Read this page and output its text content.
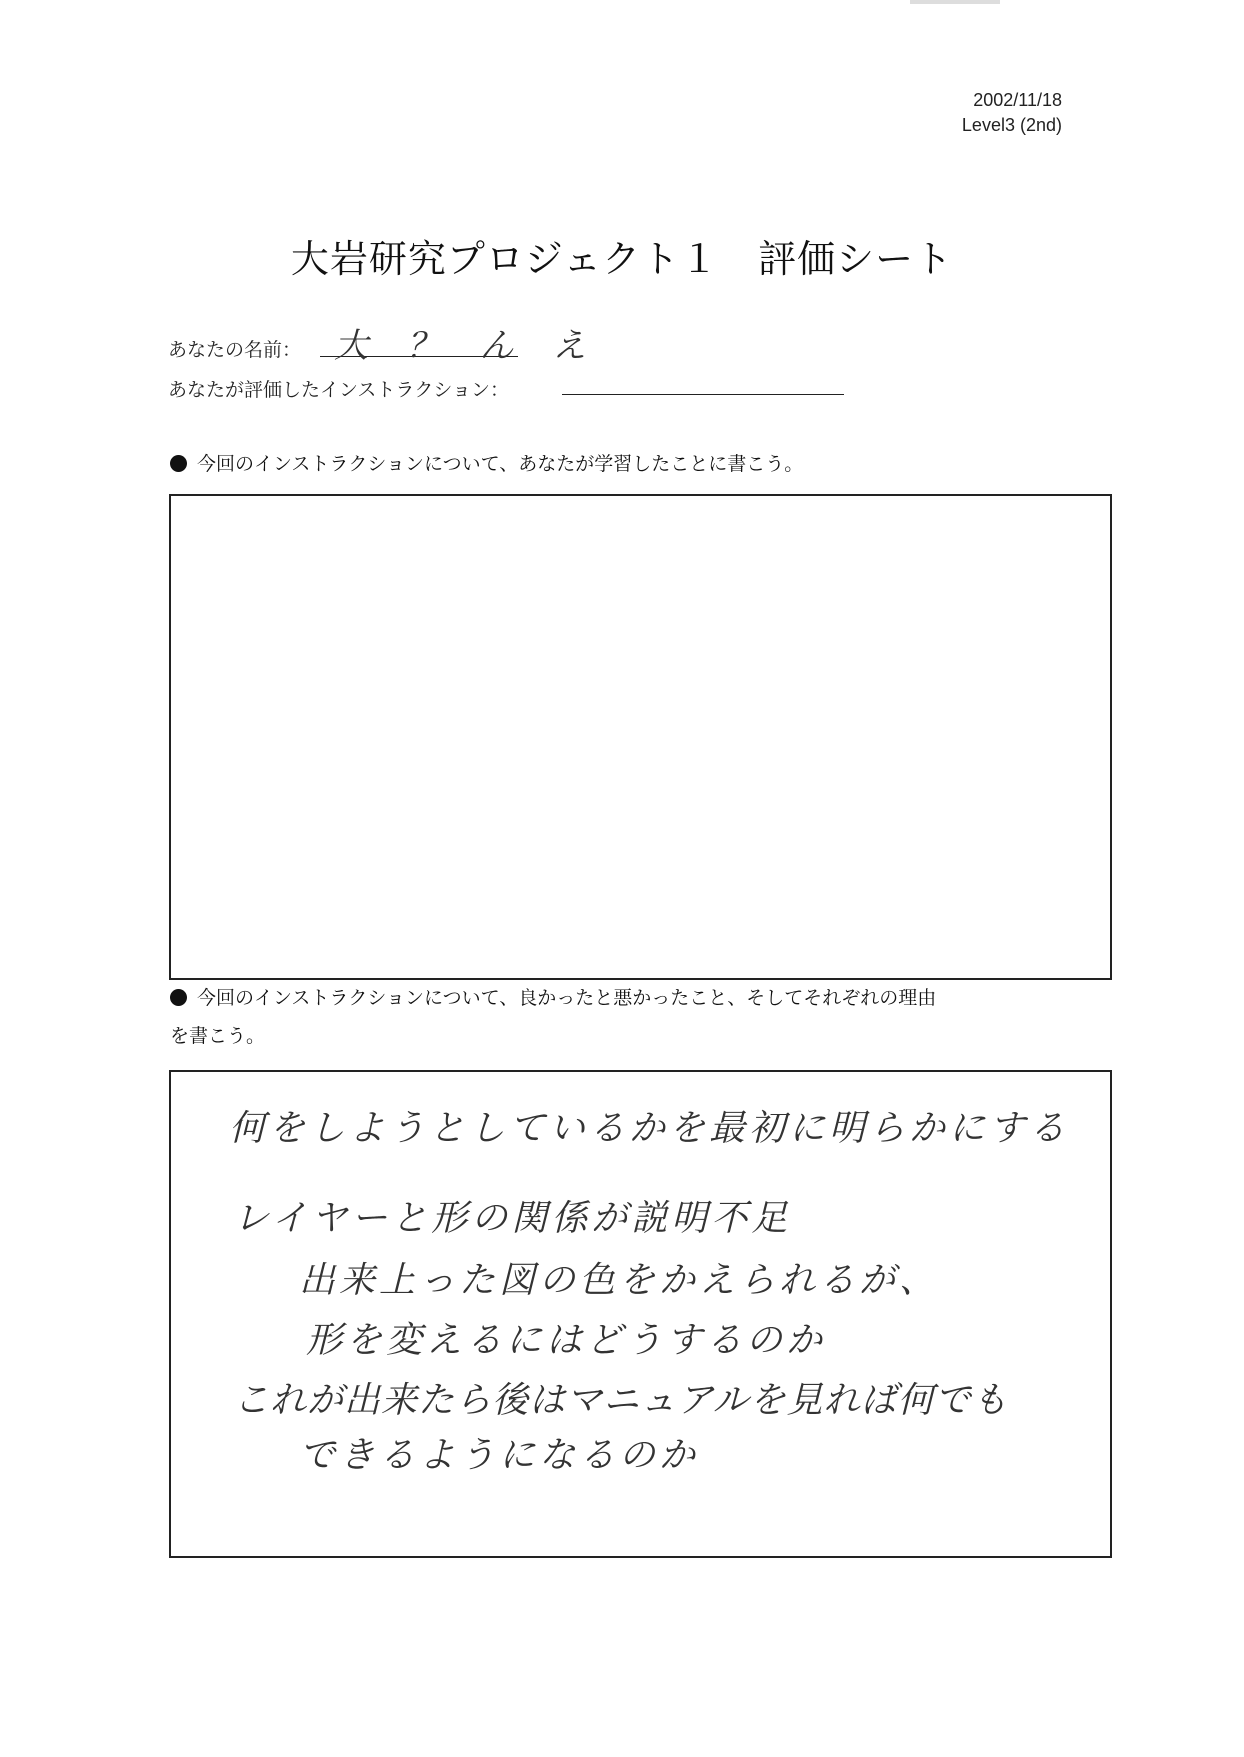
2002/11/18
Level3 (2nd)
大岩研究プロジェクト１　評価シート
あなたの名前： 大 ？ ん え
あなたが評価したインストラクション：
今回のインストラクションについて、あなたが学習したことに書こう。
今回のインストラクションについて、良かったと悪かったこと、そしてそれぞれの理由
を書こう。
何をしようとしているかを最初に明らかにする
レイヤーと形の関係が説明不足
出来上った図の色をかえられるが、
形を変えるにはどうするのか
これが出来たら後はマニュアルを見れば何でも
できるようになるのか
